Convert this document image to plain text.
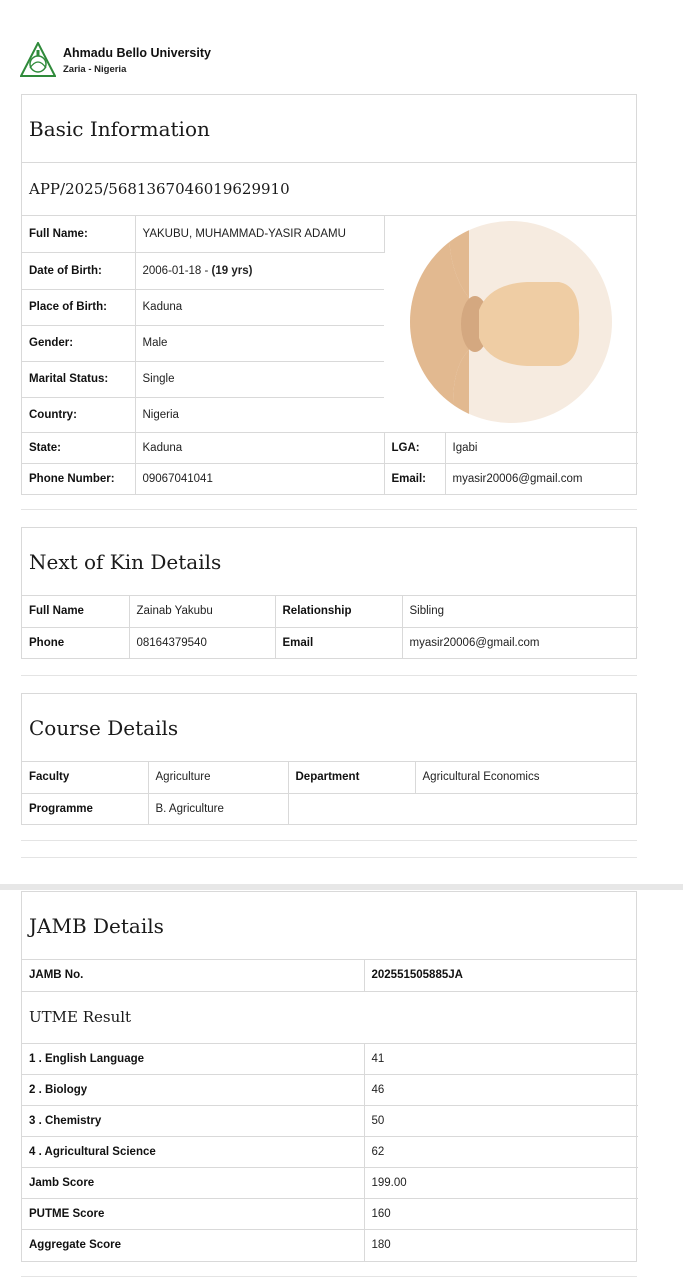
Ahmadu Bello University
Zaria - Nigeria
Basic Information
APP/2025/5681367046019629910
Full Name:	YAKUBU, MUHAMMAD-YASIR ADAMU	

Date of Birth:	2006-01-18 - (19 yrs)		
Place of Birth:	Kaduna		
Gender:	Male		
Marital Status:	Single		
Country:	Nigeria		
State:	Kaduna	LGA:	Igabi
Phone Number:	09067041041	Email:	myasir20006@gmail.com
Next of Kin Details
Full Name	Zainab Yakubu	Relationship	Sibling
Phone	08164379540	Email	myasir20006@gmail.com
Course Details
Faculty	Agriculture	Department	Agricultural Economics
Programme	B. Agriculture		
JAMB Details
JAMB No.	202551505885JA
UTME Result
1 . English Language	41
2 . Biology	46
3 . Chemistry	50
4 . Agricultural Science	62
Jamb Score	199.00
PUTME Score	160
Aggregate Score	180
